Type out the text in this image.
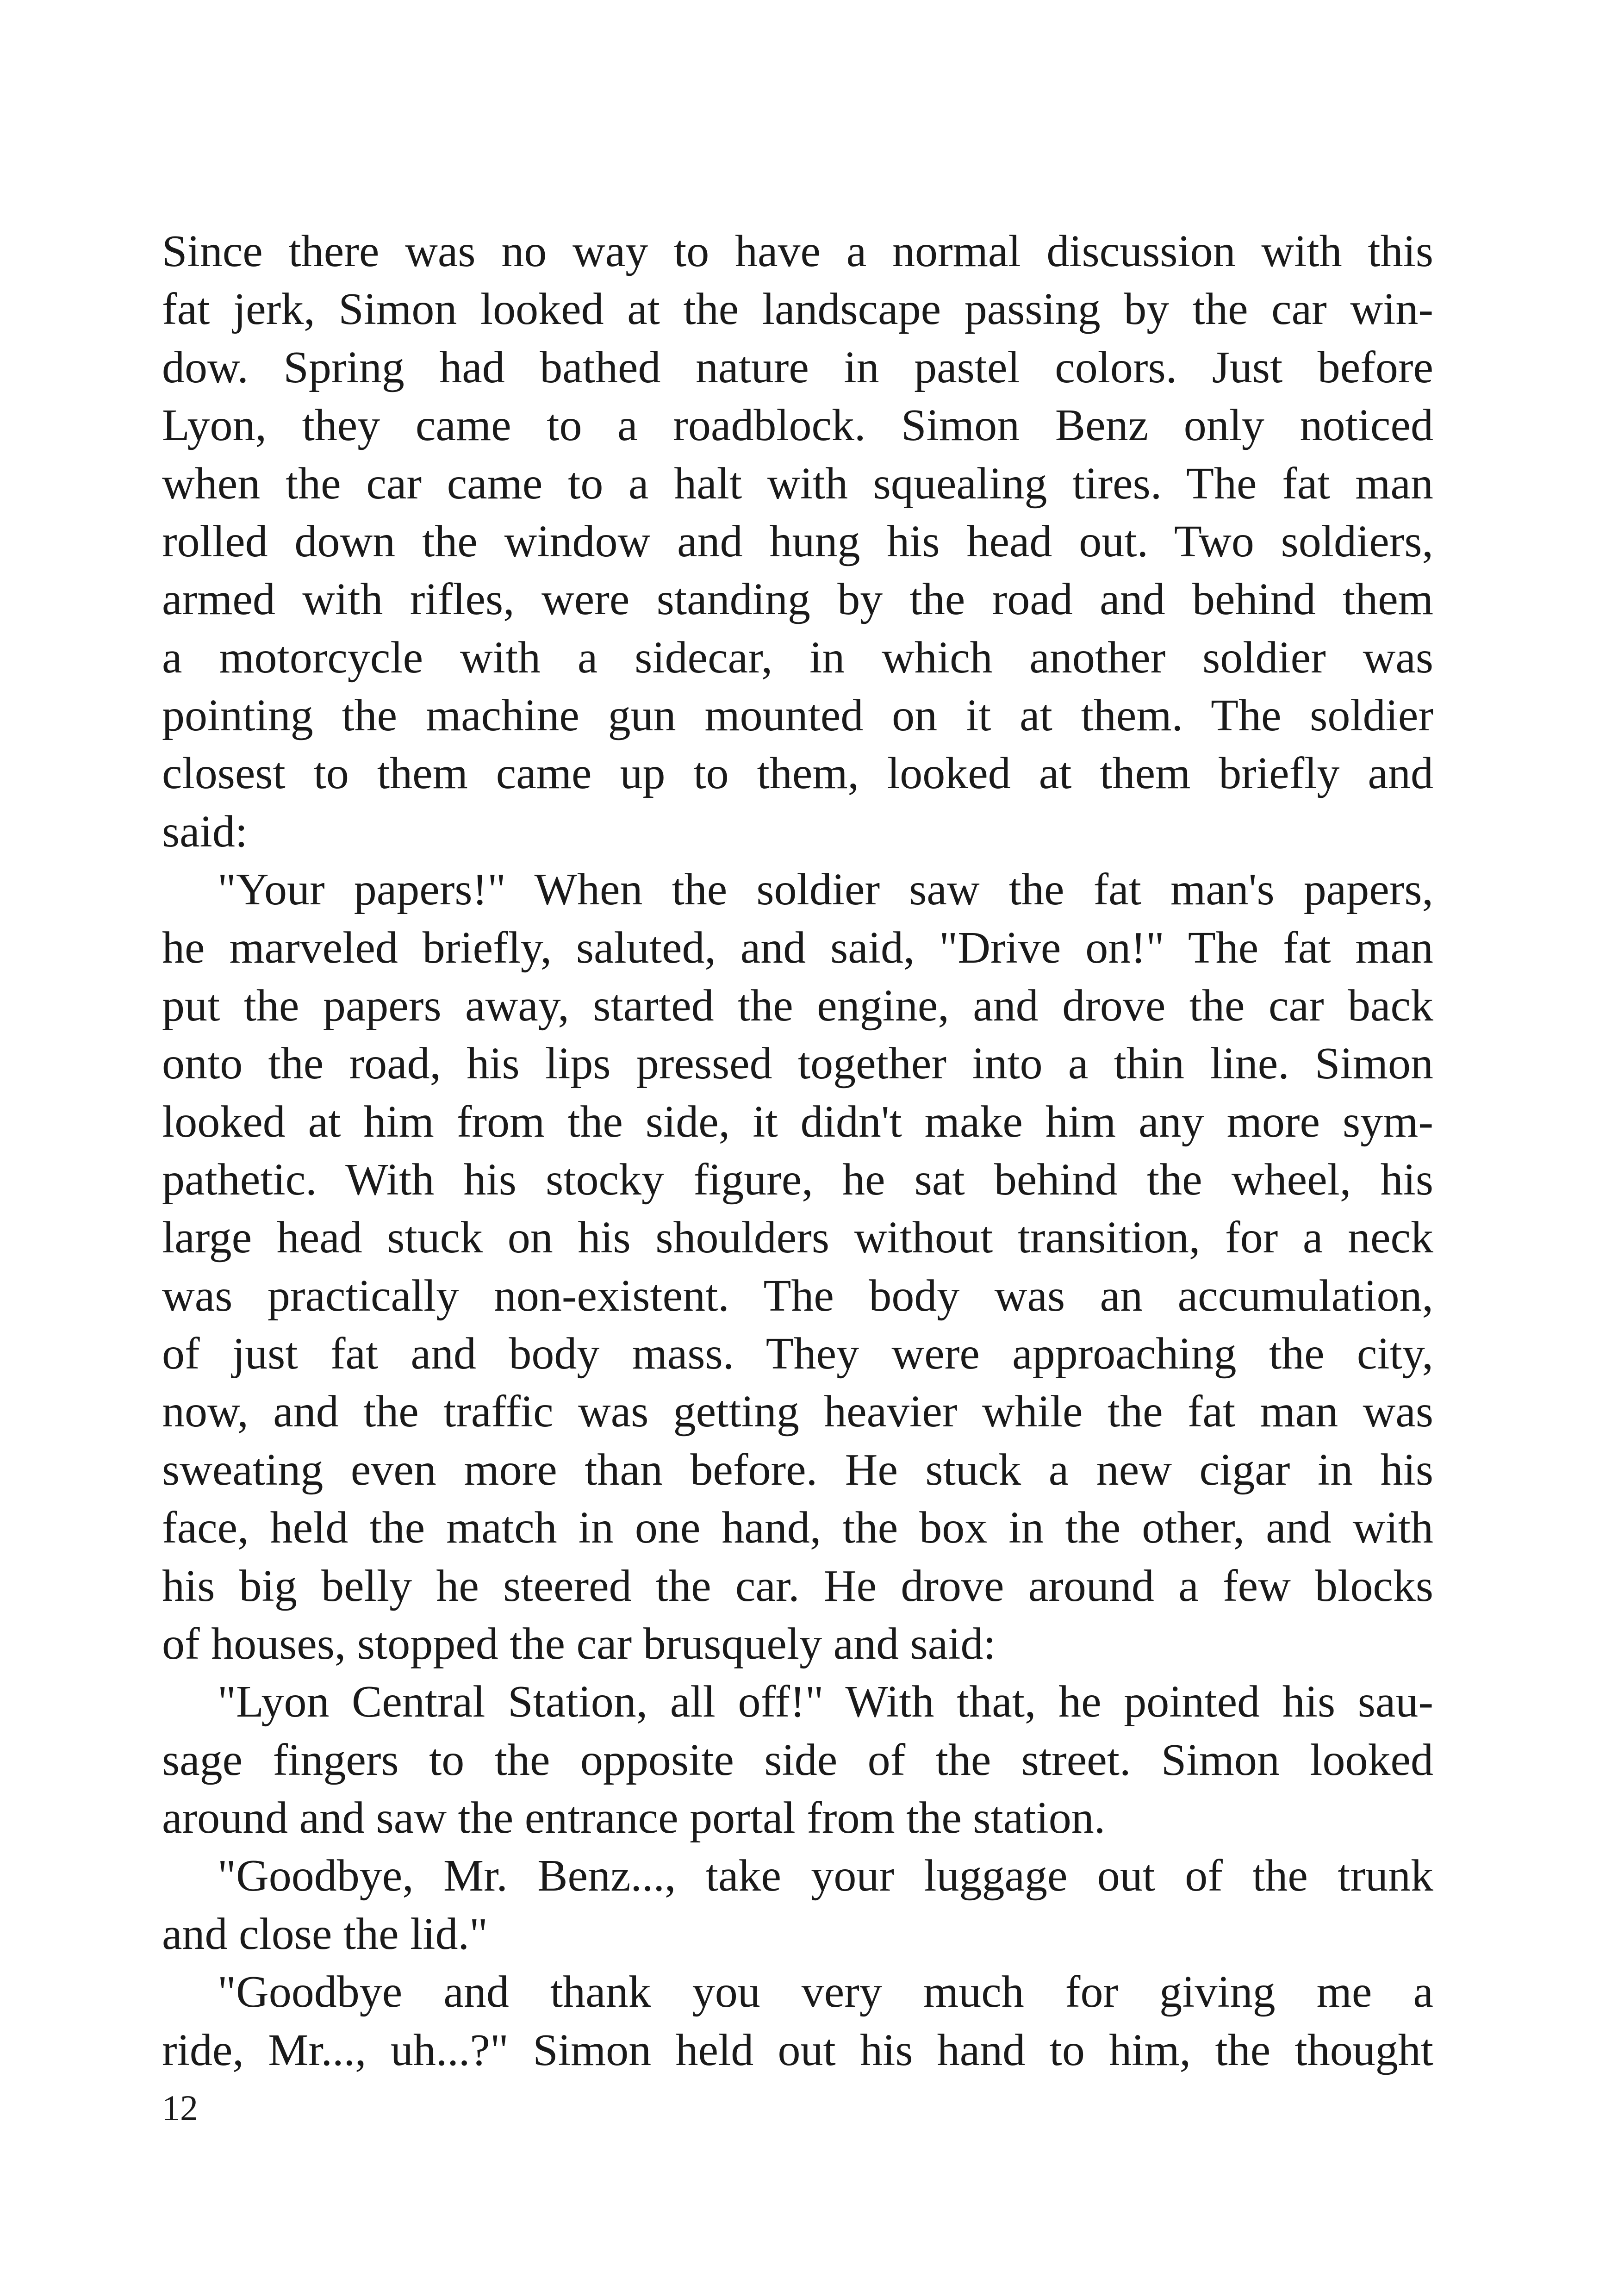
Since there was no way to have a normal discussion with this
fat jerk, Simon looked at the landscape passing by the car win-
dow. Spring had bathed nature in pastel colors. Just before
Lyon, they came to a roadblock. Simon Benz only noticed
when the car came to a halt with squealing tires. The fat man
rolled down the window and hung his head out. Two soldiers,
armed with rifles, were standing by the road and behind them
a motorcycle with a sidecar, in which another soldier was
pointing the machine gun mounted on it at them. The soldier
closest to them came up to them, looked at them briefly and
said:
"Your papers!" When the soldier saw the fat man's papers,
he marveled briefly, saluted, and said, "Drive on!" The fat man
put the papers away, started the engine, and drove the car back
onto the road, his lips pressed together into a thin line. Simon
looked at him from the side, it didn't make him any more sym-
pathetic. With his stocky figure, he sat behind the wheel, his
large head stuck on his shoulders without transition, for a neck
was practically non-existent. The body was an accumulation,
of just fat and body mass. They were approaching the city,
now, and the traffic was getting heavier while the fat man was
sweating even more than before. He stuck a new cigar in his
face, held the match in one hand, the box in the other, and with
his big belly he steered the car. He drove around a few blocks
of houses, stopped the car brusquely and said:
"Lyon Central Station, all off!" With that, he pointed his sau-
sage fingers to the opposite side of the street. Simon looked
around and saw the entrance portal from the station.
"Goodbye, Mr. Benz..., take your luggage out of the trunk
and close the lid."
"Goodbye and thank you very much for giving me a
ride, Mr..., uh...?" Simon held out his hand to him, the thought
12
